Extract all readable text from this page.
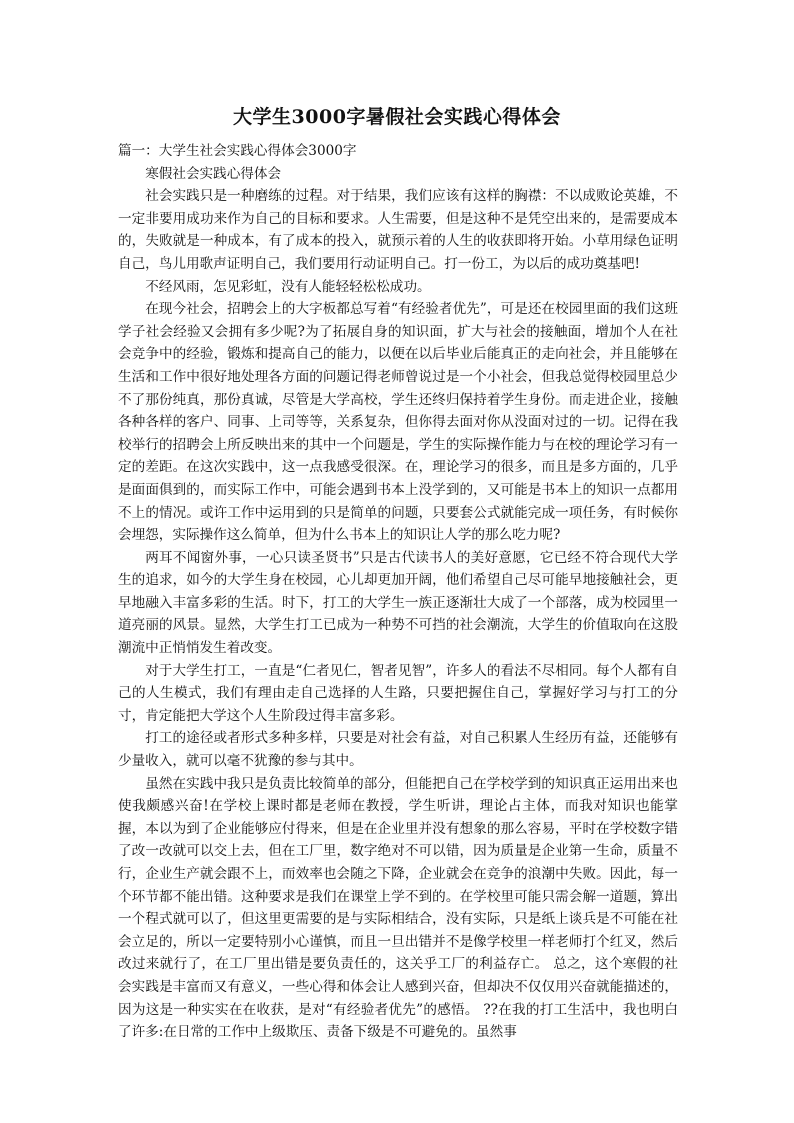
大学生3000字暑假社会实践心得体会

篇一：大学生社会实践心得体会3000字

寒假社会实践心得体会

社会实践只是一种磨练的过程。对于结果，我们应该有这样的胸襟：不以成败论英雄，不一定非要用成功来作为自己的目标和要求。人生需要，但是这种不是凭空出来的，是需要成本的，失败就是一种成本，有了成本的投入，就预示着的人生的收获即将开始。小草用绿色证明自己，鸟儿用歌声证明自己，我们要用行动证明自己。打一份工，为以后的成功奠基吧!

不经风雨，怎见彩虹，没有人能轻轻松松成功。

在现今社会，招聘会上的大字板都总写着“有经验者优先”，可是还在校园里面的我们这班学子社会经验又会拥有多少呢?为了拓展自身的知识面，扩大与社会的接触面，增加个人在社会竞争中的经验，锻炼和提高自己的能力，以便在以后毕业后能真正的走向社会，并且能够在生活和工作中很好地处理各方面的问题记得老师曾说过是一个小社会，但我总觉得校园里总少不了那份纯真，那份真诚，尽管是大学高校，学生还终归保持着学生身份。而走进企业，接触各种各样的客户、同事、上司等等，关系复杂，但你得去面对你从没面对过的一切。记得在我校举行的招聘会上所反映出来的其中一个问题是，学生的实际操作能力与在校的理论学习有一定的差距。在这次实践中，这一点我感受很深。在，理论学习的很多，而且是多方面的，几乎是面面俱到的，而实际工作中，可能会遇到书本上没学到的，又可能是书本上的知识一点都用不上的情况。或许工作中运用到的只是简单的问题，只要套公式就能完成一项任务，有时候你会埋怨，实际操作这么简单，但为什么书本上的知识让人学的那么吃力呢?

两耳不闻窗外事，一心只读圣贤书”只是古代读书人的美好意愿，它已经不符合现代大学生的追求，如今的大学生身在校园，心儿却更加开阔，他们希望自己尽可能早地接触社会，更早地融入丰富多彩的生活。时下，打工的大学生一族正逐渐壮大成了一个部落，成为校园里一道亮丽的风景。显然，大学生打工已成为一种势不可挡的社会潮流，大学生的价值取向在这股潮流中正悄悄发生着改变。

对于大学生打工，一直是“仁者见仁，智者见智”，许多人的看法不尽相同。每个人都有自己的人生模式，我们有理由走自己选择的人生路，只要把握住自己，掌握好学习与打工的分寸，肯定能把大学这个人生阶段过得丰富多彩。

打工的途径或者形式多种多样，只要是对社会有益，对自己积累人生经历有益，还能够有少量收入，就可以毫不犹豫的参与其中。

虽然在实践中我只是负责比较简单的部分，但能把自己在学校学到的知识真正运用出来也使我颇感兴奋!在学校上课时都是老师在教授，学生听讲，理论占主体，而我对知识也能掌握，本以为到了企业能够应付得来，但是在企业里并没有想象的那么容易，平时在学校数字错了改一改就可以交上去，但在工厂里，数字绝对不可以错，因为质量是企业第一生命，质量不行，企业生产就会跟不上，而效率也会随之下降，企业就会在竞争的浪潮中失败。因此，每一个环节都不能出错。这种要求是我们在课堂上学不到的。在学校里可能只需会解一道题，算出一个程式就可以了，但这里更需要的是与实际相结合，没有实际，只是纸上谈兵是不可能在社会立足的，所以一定要特别小心谨慎，而且一旦出错并不是像学校里一样老师打个红叉，然后改过来就行了，在工厂里出错是要负责任的，这关乎工厂的利益存亡。 总之，这个寒假的社会实践是丰富而又有意义，一些心得和体会让人感到兴奋，但却决不仅仅用兴奋就能描述的，因为这是一种实实在在收获，是对“有经验者优先”的感悟。 ??在我的打工生活中，我也明白了许多:在日常的工作中上级欺压、责备下级是不可避免的。虽然事
